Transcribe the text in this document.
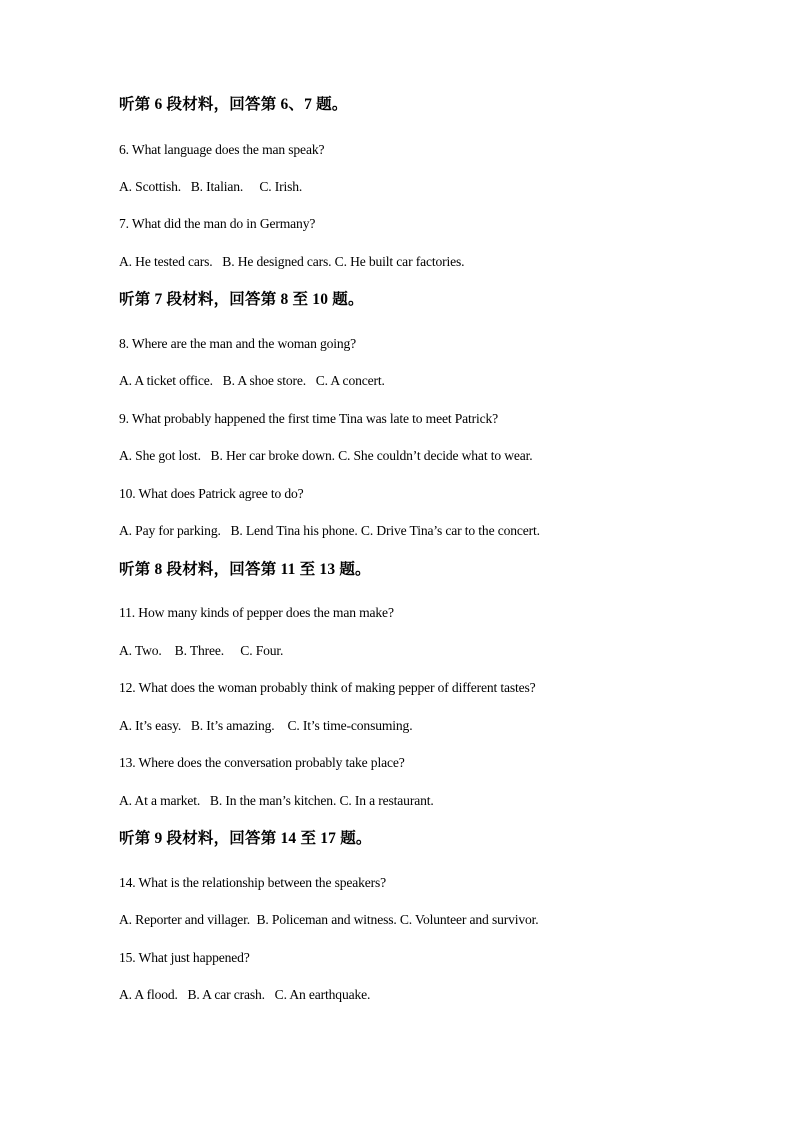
听第 6 段材料，回答第 6、7 题。
6. What language does the man speak?
A. Scottish.   B. Italian.     C. Irish.
7. What did the man do in Germany?
A. He tested cars.   B. He designed cars. C. He built car factories.
听第 7 段材料，回答第 8 至 10 题。
8. Where are the man and the woman going?
A. A ticket office.   B. A shoe store.   C. A concert.
9. What probably happened the first time Tina was late to meet Patrick?
A. She got lost.   B. Her car broke down. C. She couldn’t decide what to wear.
10. What does Patrick agree to do?
A. Pay for parking.   B. Lend Tina his phone. C. Drive Tina’s car to the concert.
听第 8 段材料，回答第 11 至 13 题。
11. How many kinds of pepper does the man make?
A. Two.    B. Three.     C. Four.
12. What does the woman probably think of making pepper of different tastes?
A. It’s easy.   B. It’s amazing.    C. It’s time-consuming.
13. Where does the conversation probably take place?
A. At a market.   B. In the man’s kitchen. C. In a restaurant.
听第 9 段材料，回答第 14 至 17 题。
14. What is the relationship between the speakers?
A. Reporter and villager.  B. Policeman and witness. C. Volunteer and survivor.
15. What just happened?
A. A flood.   B. A car crash.   C. An earthquake.
